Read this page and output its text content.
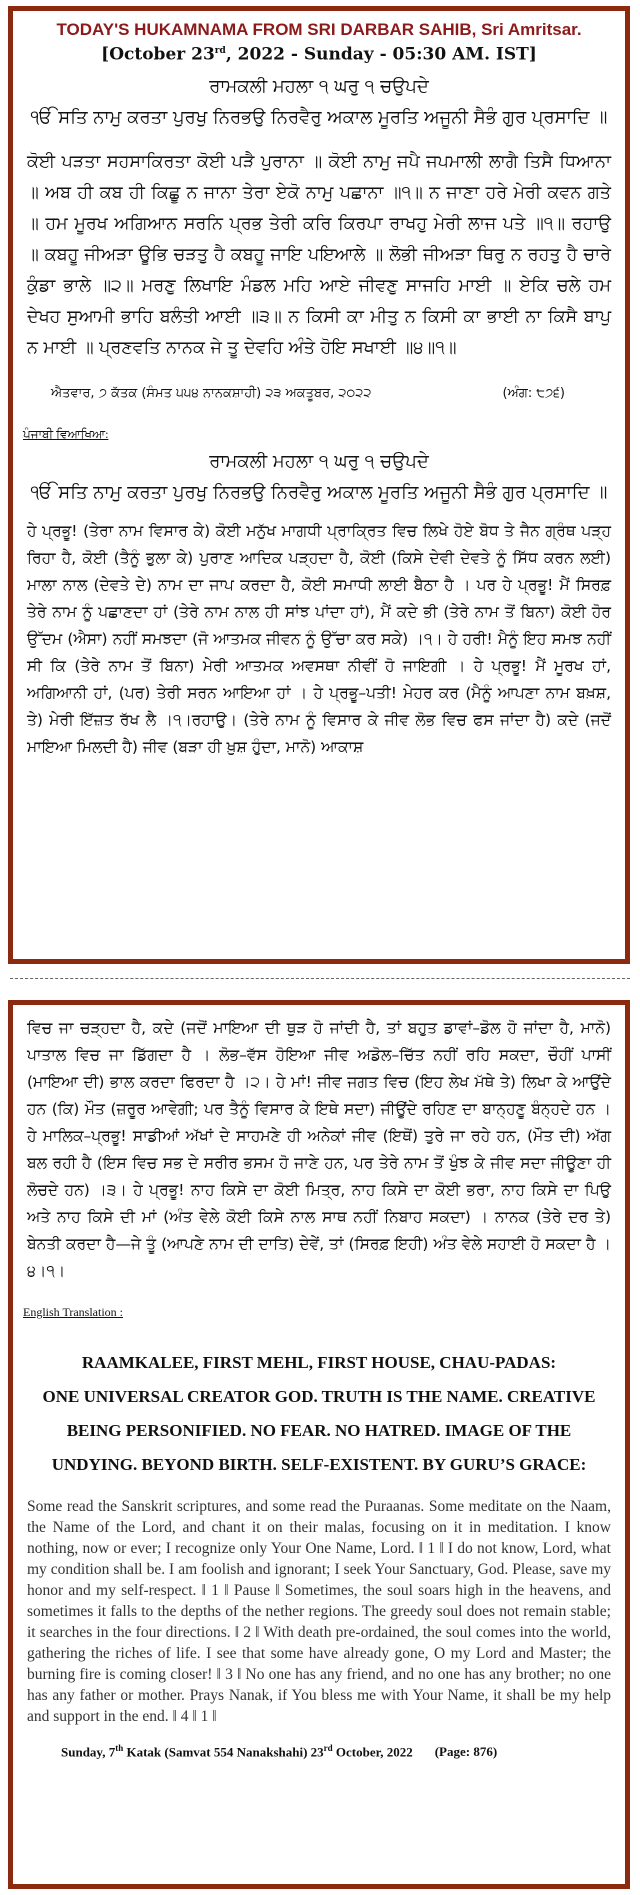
TODAY'S HUKAMNAMA FROM SRI DARBAR SAHIB, Sri Amritsar.
[October 23rd, 2022 - Sunday - 05:30 AM. IST]
ਰਾਮਕਲੀ ਮਹਲਾ ੧ ਘਰੁ ੧ ਚਉਪਦੇ
ੴ ਸਤਿ ਨਾਮੁ ਕਰਤਾ ਪੁਰਖੁ ਨਿਰਭਉ ਨਿਰਵੈਰੁ ਅਕਾਲ ਮੂਰਤਿ ਅਜੂਨੀ ਸੈਭੰ ਗੁਰ ਪ੍ਰਸਾਦਿ ॥
ਕੋਈ ਪੜਤਾ ਸਹਸਾਕਿਰਤਾ ਕੋਈ ਪੜੈ ਪੁਰਾਨਾ ॥ ਕੋਈ ਨਾਮੁ ਜਪੈ ਜਪਮਾਲੀ ਲਾਗੈ ਤਿਸੈ ਧਿਆਨਾ ॥ ਅਬ ਹੀ ਕਬ ਹੀ ਕਿਛੂ ਨ ਜਾਨਾ ਤੇਰਾ ਏਕੋ ਨਾਮੁ ਪਛਾਨਾ ॥੧॥ ਨ ਜਾਣਾ ਹਰੇ ਮੇਰੀ ਕਵਨ ਗਤੇ ॥ ਹਮ ਮੂਰਖ ਅਗਿਆਨ ਸਰਨਿ ਪ੍ਰਭ ਤੇਰੀ ਕਰਿ ਕਿਰਪਾ ਰਾਖਹੁ ਮੇਰੀ ਲਾਜ ਪਤੇ ॥੧॥ ਰਹਾਉ ॥ ਕਬਹੂ ਜੀਅੜਾ ਊਭਿ ਚੜਤੁ ਹੈ ਕਬਹੂ ਜਾਇ ਪਇਆਲੇ ॥ ਲੋਭੀ ਜੀਅੜਾ ਥਿਰੁ ਨ ਰਹਤੁ ਹੈ ਚਾਰੇ ਕੁੰਡਾ ਭਾਲੇ ॥੨॥ ਮਰਣੁ ਲਿਖਾਇ ਮੰਡਲ ਮਹਿ ਆਏ ਜੀਵਣੁ ਸਾਜਹਿ ਮਾਈ ॥ ਏਕਿ ਚਲੇ ਹਮ ਦੇਖਹ ਸੁਆਮੀ ਭਾਹਿ ਬਲੰਤੀ ਆਈ ॥੩॥ ਨ ਕਿਸੀ ਕਾ ਮੀਤੁ ਨ ਕਿਸੀ ਕਾ ਭਾਈ ਨਾ ਕਿਸੈ ਬਾਪੁ ਨ ਮਾਈ ॥ ਪ੍ਰਣਵਤਿ ਨਾਨਕ ਜੇ ਤੂ ਦੇਵਹਿ ਅੰਤੇ ਹੋਇ ਸਖਾਈ ॥੪॥੧॥
ਐਤਵਾਰ, ੭ ਕੱਤਕ (ਸੰਮਤ ੫੫੪ ਨਾਨਕਸ਼ਾਹੀ) ੨੩ ਅਕਤੂਬਰ, ੨੦੨੨	(ਅੰਗ: ੮੭੬)
ਪੰਜਾਬੀ ਵਿਆਖਿਆ:
ਰਾਮਕਲੀ ਮਹਲਾ ੧ ਘਰੁ ੧ ਚਉਪਦੇ
ੴ ਸਤਿ ਨਾਮੁ ਕਰਤਾ ਪੁਰਖੁ ਨਿਰਭਉ ਨਿਰਵੈਰੁ ਅਕਾਲ ਮੂਰਤਿ ਅਜੂਨੀ ਸੈਭੰ ਗੁਰ ਪ੍ਰਸਾਦਿ ॥
ਹੇ ਪ੍ਰਭੂ! (ਤੇਰਾ ਨਾਮ ਵਿਸਾਰ ਕੇ) ਕੋਈ ਮਨੁੱਖ ਮਾਗਧੀ ਪ੍ਰਾਕ੍ਰਿਤ ਵਿਚ ਲਿਖੇ ਹੋਏ ਬੋਧ ਤੇ ਜੈਨ ਗ੍ਰੰਥ ਪੜ੍ਹ ਰਿਹਾ ਹੈ, ਕੋਈ (ਤੈਨੂੰ ਭੁਲਾ ਕੇ) ਪੁਰਾਣ ਆਦਿਕ ਪੜ੍ਹਦਾ ਹੈ, ਕੋਈ (ਕਿਸੇ ਦੇਵੀ ਦੇਵਤੇ ਨੂੰ ਸਿੱਧ ਕਰਨ ਲਈ) ਮਾਲਾ ਨਾਲ (ਦੇਵਤੇ ਦੇ) ਨਾਮ ਦਾ ਜਾਪ ਕਰਦਾ ਹੈ, ਕੋਈ ਸਮਾਧੀ ਲਾਈ ਬੈਠਾ ਹੈ । ਪਰ ਹੇ ਪ੍ਰਭੂ! ਮੈਂ ਸਿਰਫ਼ ਤੇਰੇ ਨਾਮ ਨੂੰ ਪਛਾਣਦਾ ਹਾਂ (ਤੇਰੇ ਨਾਮ ਨਾਲ ਹੀ ਸਾਂਝ ਪਾਂਦਾ ਹਾਂ), ਮੈਂ ਕਦੇ ਭੀ (ਤੇਰੇ ਨਾਮ ਤੋਂ ਬਿਨਾ) ਕੋਈ ਹੋਰ ਉੱਦਮ (ਐਸਾ) ਨਹੀਂ ਸਮਝਦਾ (ਜੋ ਆਤਮਕ ਜੀਵਨ ਨੂੰ ਉੱਚਾ ਕਰ ਸਕੇ) ।੧। ਹੇ ਹਰੀ! ਮੈਨੂੰ ਇਹ ਸਮਝ ਨਹੀਂ ਸੀ ਕਿ (ਤੇਰੇ ਨਾਮ ਤੋਂ ਬਿਨਾ) ਮੇਰੀ ਆਤਮਕ ਅਵਸਥਾ ਨੀਵੀਂ ਹੋ ਜਾਇਗੀ । ਹੇ ਪ੍ਰਭੂ! ਮੈਂ ਮੂਰਖ ਹਾਂ, ਅਗਿਆਨੀ ਹਾਂ, (ਪਰ) ਤੇਰੀ ਸਰਨ ਆਇਆ ਹਾਂ । ਹੇ ਪ੍ਰਭੂ–ਪਤੀ! ਮੇਹਰ ਕਰ (ਮੈਨੂੰ ਆਪਣਾ ਨਾਮ ਬਖ਼ਸ਼, ਤੇ) ਮੇਰੀ ਇੱਜ਼ਤ ਰੱਖ ਲੈ ।੧।ਰਹਾਉ। (ਤੇਰੇ ਨਾਮ ਨੂੰ ਵਿਸਾਰ ਕੇ ਜੀਵ ਲੋਭ ਵਿਚ ਫਸ ਜਾਂਦਾ ਹੈ) ਕਦੇ (ਜਦੋਂ ਮਾਇਆ ਮਿਲਦੀ ਹੈ) ਜੀਵ (ਬੜਾ ਹੀ ਖ਼ੁਸ਼ ਹੁੰਦਾ, ਮਾਨੋ) ਆਕਾਸ਼
ਵਿਚ ਜਾ ਚੜ੍ਹਦਾ ਹੈ, ਕਦੇ (ਜਦੋਂ ਮਾਇਆ ਦੀ ਥੁੜ ਹੋ ਜਾਂਦੀ ਹੈ, ਤਾਂ ਬਹੁਤ ਡਾਵਾਂ–ਡੋਲ ਹੋ ਜਾਂਦਾ ਹੈ, ਮਾਨੋ) ਪਾਤਾਲ ਵਿਚ ਜਾ ਡਿੱਗਦਾ ਹੈ । ਲੋਭ–ਵੱਸ ਹੋਇਆ ਜੀਵ ਅਡੋਲ–ਚਿੱਤ ਨਹੀਂ ਰਹਿ ਸਕਦਾ, ਚੌਹੀਂ ਪਾਸੀਂ (ਮਾਇਆ ਦੀ) ਭਾਲ ਕਰਦਾ ਫਿਰਦਾ ਹੈ ।੨। ਹੇ ਮਾਂ! ਜੀਵ ਜਗਤ ਵਿਚ (ਇਹ ਲੇਖ ਮੱਥੇ ਤੇ) ਲਿਖਾ ਕੇ ਆਉਂਦੇ ਹਨ (ਕਿ) ਮੌਤ (ਜ਼ਰੂਰ ਆਵੇਗੀ; ਪਰ ਤੈਨੂੰ ਵਿਸਾਰ ਕੇ ਇਥੇ ਸਦਾ) ਜੀਊਂਦੇ ਰਹਿਣ ਦਾ ਬਾਨ੍ਹਣੂ ਬੰਨ੍ਹਦੇ ਹਨ । ਹੇ ਮਾਲਿਕ–ਪ੍ਰਭੂ! ਸਾਡੀਆਂ ਅੱਖਾਂ ਦੇ ਸਾਹਮਣੇ ਹੀ ਅਨੇਕਾਂ ਜੀਵ (ਇਥੋਂ) ਤੁਰੇ ਜਾ ਰਹੇ ਹਨ, (ਮੌਤ ਦੀ) ਅੱਗ ਬਲ ਰਹੀ ਹੈ (ਇਸ ਵਿਚ ਸਭ ਦੇ ਸਰੀਰ ਭਸਮ ਹੋ ਜਾਣੇ ਹਨ, ਪਰ ਤੇਰੇ ਨਾਮ ਤੋਂ ਖੁੰਝ ਕੇ ਜੀਵ ਸਦਾ ਜੀਊਣਾ ਹੀ ਲੋਚਦੇ ਹਨ) ।੩। ਹੇ ਪ੍ਰਭੂ! ਨਾਹ ਕਿਸੇ ਦਾ ਕੋਈ ਮਿਤ੍ਰ, ਨਾਹ ਕਿਸੇ ਦਾ ਕੋਈ ਭਰਾ, ਨਾਹ ਕਿਸੇ ਦਾ ਪਿਉ ਅਤੇ ਨਾਹ ਕਿਸੇ ਦੀ ਮਾਂ (ਅੰਤ ਵੇਲੇ ਕੋਈ ਕਿਸੇ ਨਾਲ ਸਾਥ ਨਹੀਂ ਨਿਬਾਹ ਸਕਦਾ) । ਨਾਨਕ (ਤੇਰੇ ਦਰ ਤੇ) ਬੇਨਤੀ ਕਰਦਾ ਹੈ—ਜੇ ਤੂੰ (ਆਪਣੇ ਨਾਮ ਦੀ ਦਾਤਿ) ਦੇਵੇਂ, ਤਾਂ (ਸਿਰਫ਼ ਇਹੀ) ਅੰਤ ਵੇਲੇ ਸਹਾਈ ਹੋ ਸਕਦਾ ਹੈ ।੪।੧।
English Translation :
RAAMKALEE, FIRST MEHL, FIRST HOUSE, CHAU-PADAS:
ONE UNIVERSAL CREATOR GOD. TRUTH IS THE NAME. CREATIVE BEING PERSONIFIED. NO FEAR. NO HATRED. IMAGE OF THE UNDYING. BEYOND BIRTH. SELF-EXISTENT. BY GURU’S GRACE:
Some read the Sanskrit scriptures, and some read the Puraanas. Some meditate on the Naam, the Name of the Lord, and chant it on their malas, focusing on it in meditation. I know nothing, now or ever; I recognize only Your One Name, Lord. ‖ 1 ‖ I do not know, Lord, what my condition shall be. I am foolish and ignorant; I seek Your Sanctuary, God. Please, save my honor and my self-respect. ‖ 1 ‖ Pause ‖ Sometimes, the soul soars high in the heavens, and sometimes it falls to the depths of the nether regions. The greedy soul does not remain stable; it searches in the four directions. ‖ 2 ‖ With death pre-ordained, the soul comes into the world, gathering the riches of life. I see that some have already gone, O my Lord and Master; the burning fire is coming closer! ‖ 3 ‖ No one has any friend, and no one has any brother; no one has any father or mother. Prays Nanak, if You bless me with Your Name, it shall be my help and support in the end. ‖ 4 ‖ 1 ‖
Sunday, 7th Katak (Samvat 554 Nanakshahi) 23rd October, 2022 (Page: 876)
